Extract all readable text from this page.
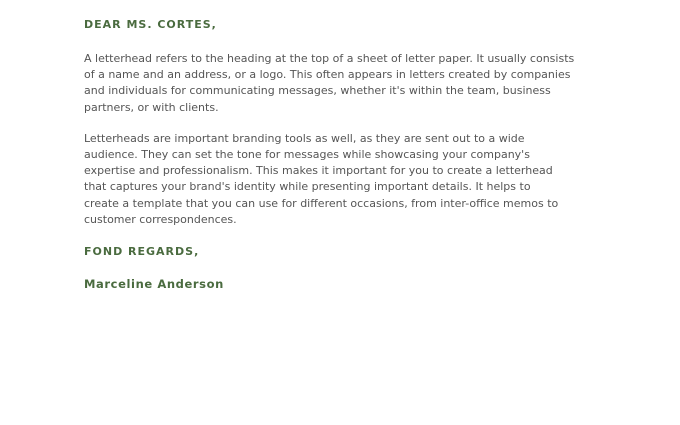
DEAR MS. CORTES,

A letterhead refers to the heading at the top of a sheet of letter paper. It usually consists
of a name and an address, or a logo. This often appears in letters created by companies
and individuals for communicating messages, whether it's within the team, business
partners, or with clients.

Letterheads are important branding tools as well, as they are sent out to a wide
audience. They can set the tone for messages while showcasing your company's
expertise and professionalism. This makes it important for you to create a letterhead
that captures your brand's identity while presenting important details. It helps to
create a template that you can use for different occasions, from inter-office memos to
customer correspondences.

FOND REGARDS,

Marceline Anderson
